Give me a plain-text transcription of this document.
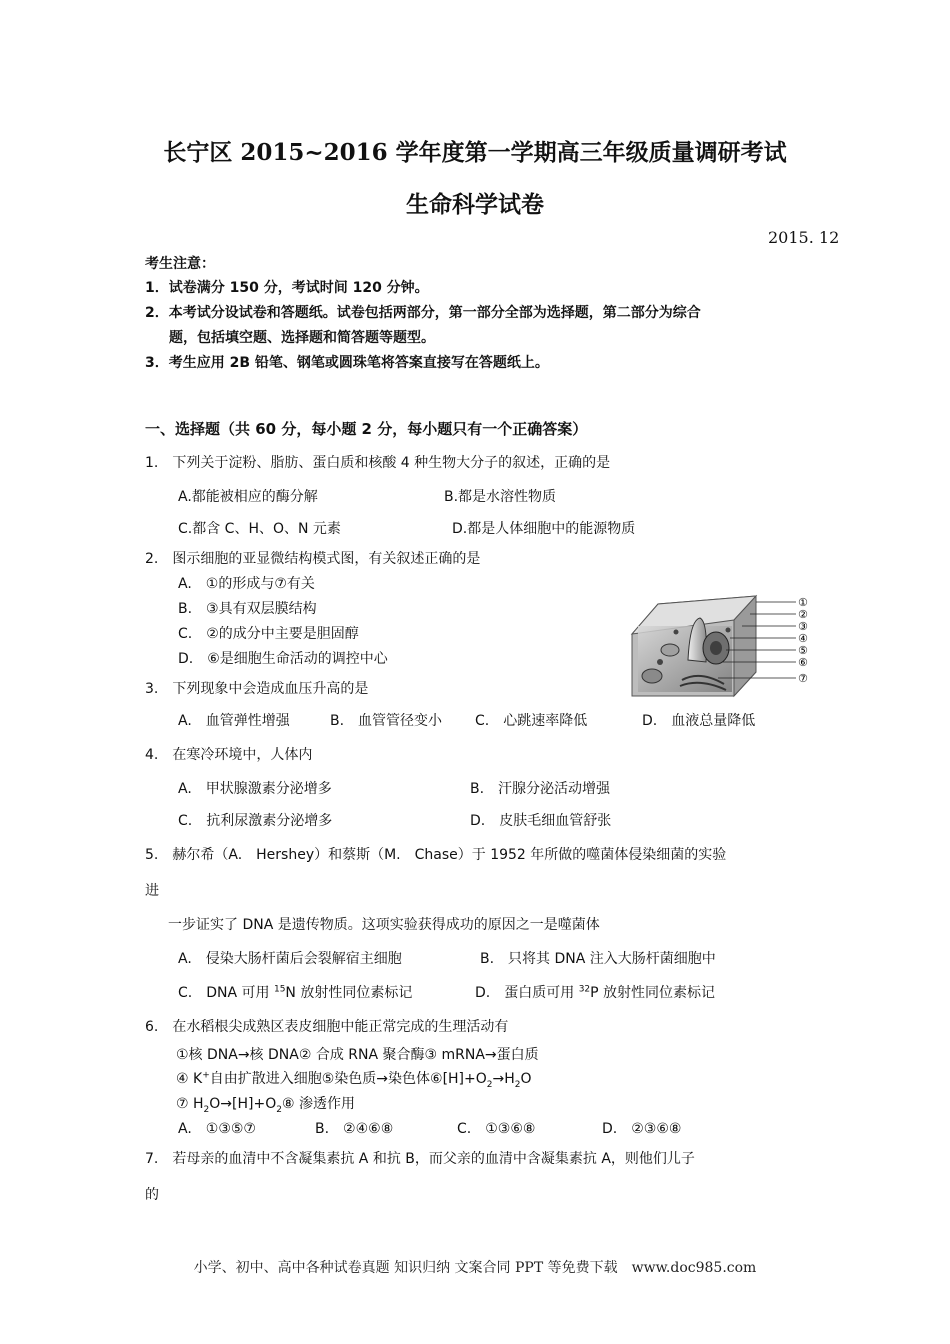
长宁区 2015~2016 学年度第一学期高三年级质量调研考试
生命科学试卷
2015. 12
考生注意：
1．试卷满分 150 分，考试时间 120 分钟。
2．本考试分设试卷和答题纸。试卷包括两部分，第一部分全部为选择题，第二部分为综合
题，包括填空题、选择题和简答题等题型。
3．考生应用 2B 铅笔、钢笔或圆珠笔将答案直接写在答题纸上。
一、选择题（共 60 分，每小题 2 分，每小题只有一个正确答案）
1.　下列关于淀粉、脂肪、蛋白质和核酸 4 种生物大分子的叙述，正确的是
A.都能被相应的酶分解	B.都是水溶性物质
C.都含 C、H、O、N 元素	D.都是人体细胞中的能源物质
2.　图示细胞的亚显微结构模式图，有关叙述正确的是
A.　①的形成与⑦有关
B.　③具有双层膜结构
C.　②的成分中主要是胆固醇
D.　⑥是细胞生命活动的调控中心
①
②
③
④
⑤
⑥
⑦
3.　下列现象中会造成血压升高的是
A.　血管弹性增强	B.　血管管径变小 C.　心跳速率降低	D.　血液总量降低
4.　在寒冷环境中，人体内
A.　甲状腺激素分泌增多	B.　汗腺分泌活动增强
C.　抗利尿激素分泌增多	D.　皮肤毛细血管舒张
5.　赫尔希（A.　Hershey）和蔡斯（M.　Chase）于 1952 年所做的噬菌体侵染细菌的实验
进
一步证实了 DNA 是遗传物质。这项实验获得成功的原因之一是噬菌体
A.　侵染大肠杆菌后会裂解宿主细胞	B.　只将其 DNA 注入大肠杆菌细胞中
C.　DNA 可用 $^{15}$N 放射性同位素标记	D.　蛋白质可用 $^{32}$P 放射性同位素标记
6.　在水稻根尖成熟区表皮细胞中能正常完成的生理活动有
①核 DNA→核 DNA② 合成 RNA 聚合酶③ mRNA→蛋白质
④ K+自由扩散进入细胞⑤染色质→染色体$⑥[H]+O_2\to H_2O$
⑦ $H_2O\to[H]+O_2⑧$ 渗透作用
A.　①③⑤⑦	B.　②④⑥⑧	C.　①③⑥⑧	D.　②③⑥⑧
7.　若母亲的血清中不含凝集素抗 A 和抗 B，而父亲的血清中含凝集素抗 A，则他们儿子
的
小学、初中、高中各种试卷真题 知识归纳 文案合同 PPT 等免费下载　www.doc985.com
